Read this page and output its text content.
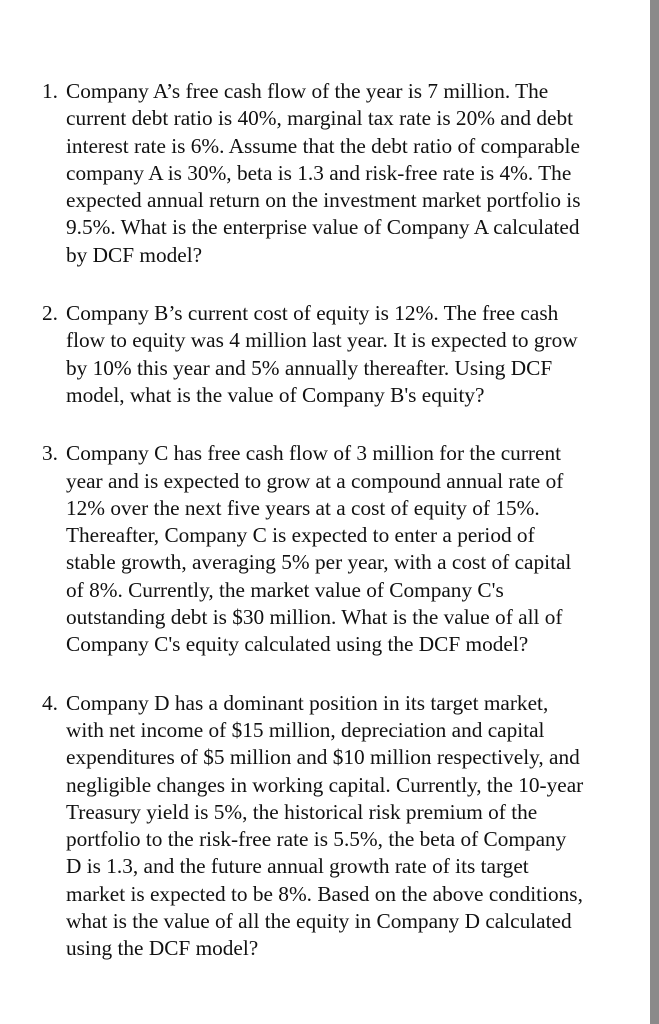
1. Company A’s free cash flow of the year is 7 million. The current debt ratio is 40%, marginal tax rate is 20% and debt interest rate is 6%. Assume that the debt ratio of comparable company A is 30%, beta is 1.3 and risk-free rate is 4%. The expected annual return on the investment market portfolio is 9.5%. What is the enterprise value of Company A calculated by DCF model?
2. Company B’s current cost of equity is 12%. The free cash flow to equity was 4 million last year. It is expected to grow by 10% this year and 5% annually thereafter. Using DCF model, what is the value of Company B's equity?
3. Company C has free cash flow of 3 million for the current year and is expected to grow at a compound annual rate of 12% over the next five years at a cost of equity of 15%. Thereafter, Company C is expected to enter a period of stable growth, averaging 5% per year, with a cost of capital of 8%. Currently, the market value of Company C's outstanding debt is $30 million. What is the value of all of Company C's equity calculated using the DCF model?
4. Company D has a dominant position in its target market, with net income of $15 million, depreciation and capital expenditures of $5 million and $10 million respectively, and negligible changes in working capital. Currently, the 10-year Treasury yield is 5%, the historical risk premium of the portfolio to the risk-free rate is 5.5%, the beta of Company D is 1.3, and the future annual growth rate of its target market is expected to be 8%. Based on the above conditions, what is the value of all the equity in Company D calculated using the DCF model?
